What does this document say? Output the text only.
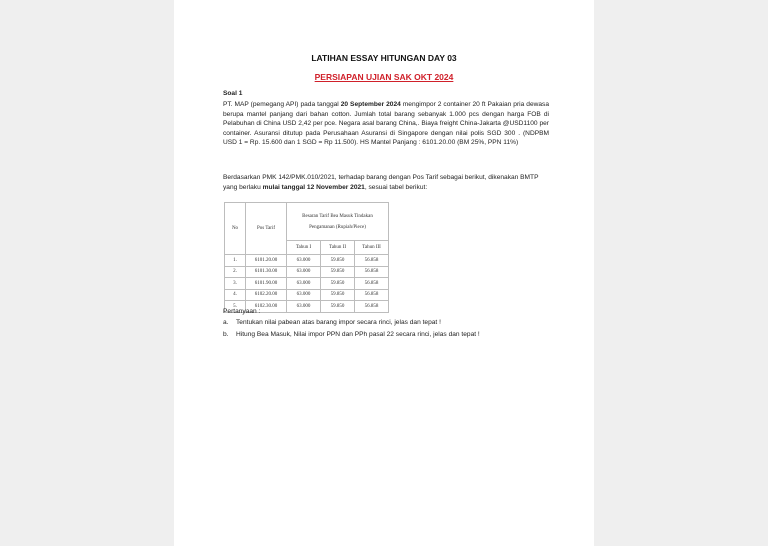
LATIHAN ESSAY HITUNGAN DAY 03
PERSIAPAN UJIAN SAK OKT 2024
Soal 1
PT. MAP (pemegang API) pada tanggal 20 September 2024 mengimpor 2 container 20 ft Pakaian pria dewasa berupa mantel panjang dari bahan cotton. Jumlah total barang sebanyak 1.000 pcs dengan harga FOB di Pelabuhan di China USD 2,42 per pce. Negara asal barang China,. Biaya freight China-Jakarta @USD1100 per container. Asuransi ditutup pada Perusahaan Asuransi di Singapore dengan nilai polis SGD 300 . (NDPBM USD 1 = Rp. 15.600 dan 1 SGD = Rp 11.500). HS Mantel Panjang : 6101.20.00 (BM 25%, PPN 11%)
Berdasarkan PMK 142/PMK.010/2021, terhadap barang dengan Pos Tarif sebagai berikut, dikenakan BMTP yang berlaku mulai tanggal 12 November 2021, sesuai tabel berikut:
No	Pos Tarif	Besaran Tarif Bea Masuk Tindakan
Pengamanan (Rupiah/Piece)		
		Tahun I	Tahun II	Tahun III
1.	6101.20.00	63.000	59.850	56.858
2.	6101.30.00	63.000	59.850	56.858
3.	6101.90.00	63.000	59.850	56.858
4.	6102.20.00	63.000	59.850	56.858
5.	6102.30.00	63.000	59.850	56.858
Pertanyaan :
a. Tentukan nilai pabean atas barang impor secara rinci, jelas dan tepat !
b. Hitung Bea Masuk, Nilai impor PPN dan PPh pasal 22 secara rinci, jelas dan tepat !
